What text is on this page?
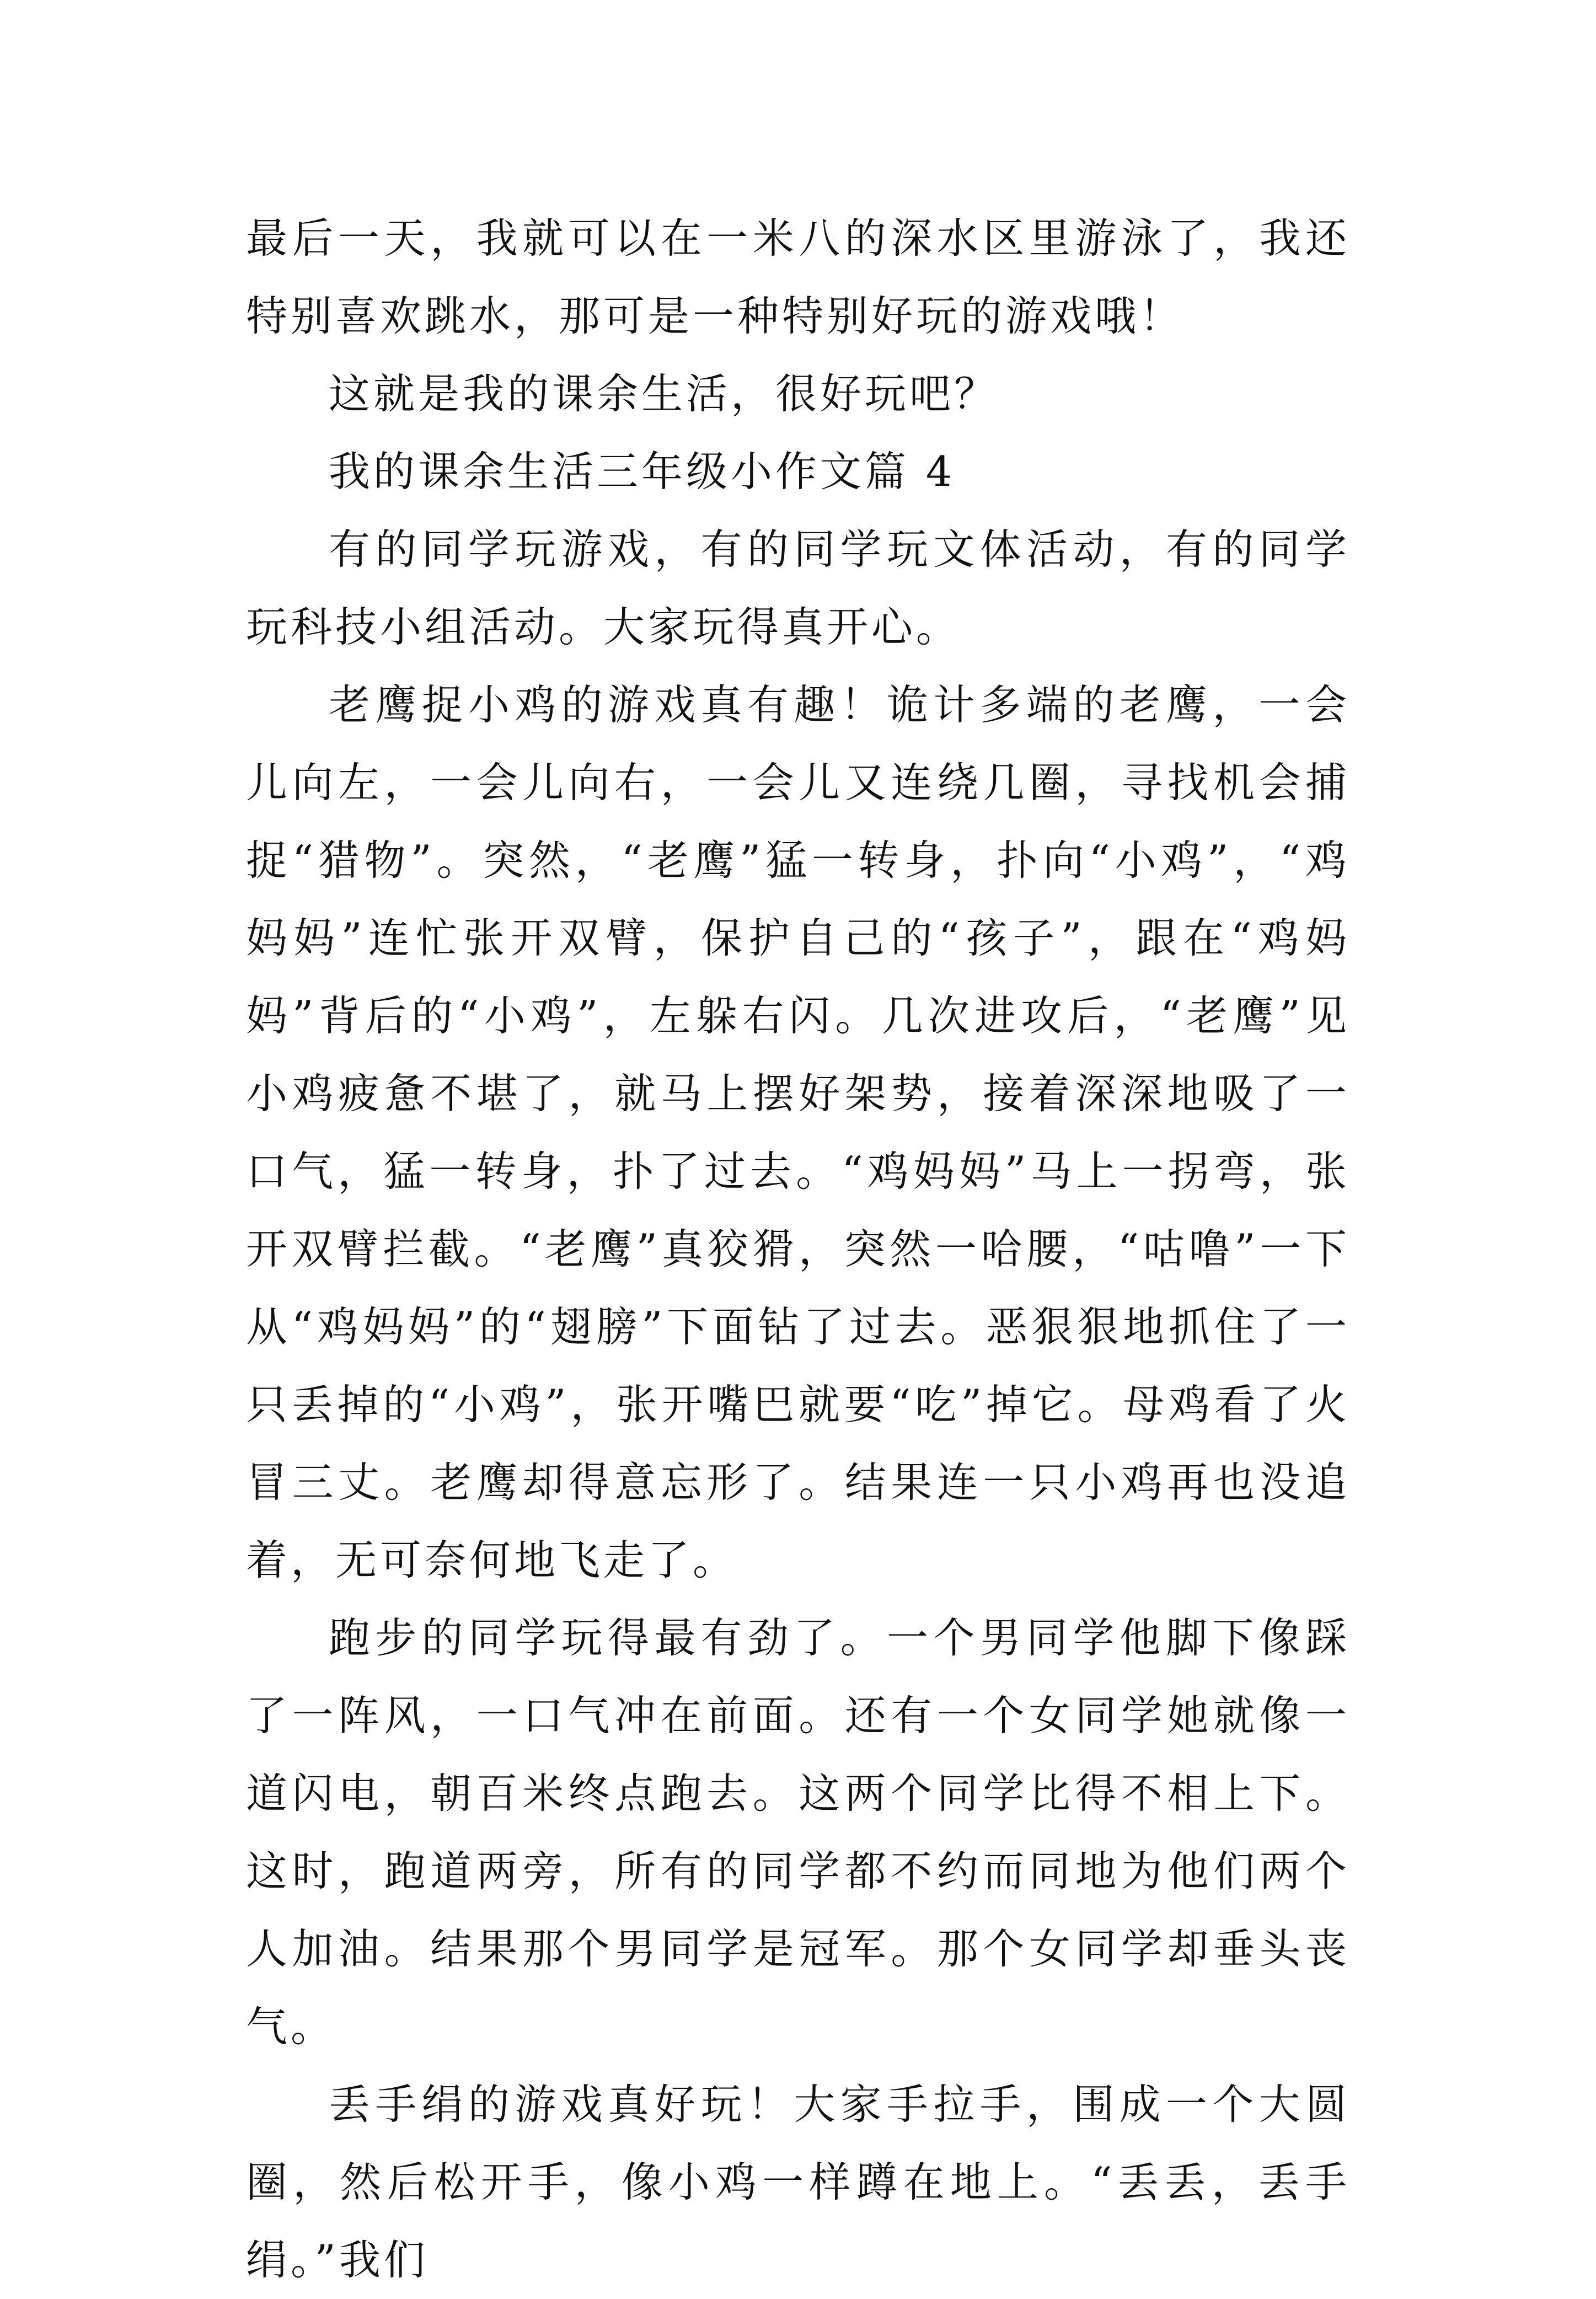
最后一天，我就可以在一米八的深水区里游泳了，我还特别喜欢跳水，那可是一种特别好玩的游戏哦！

这就是我的课余生活，很好玩吧？

我的课余生活三年级小作文篇 4

有的同学玩游戏，有的同学玩文体活动，有的同学玩科技小组活动。大家玩得真开心。

老鹰捉小鸡的游戏真有趣！诡计多端的老鹰，一会儿向左，一会儿向右，一会儿又连绕几圈，寻找机会捕捉“猎物”。突然，“老鹰”猛一转身，扑向“小鸡”，“鸡妈妈”连忙张开双臂，保护自己的“孩子”，跟在“鸡妈妈”背后的“小鸡”，左躲右闪。几次进攻后，“老鹰”见小鸡疲惫不堪了，就马上摆好架势，接着深深地吸了一口气，猛一转身，扑了过去。“鸡妈妈”马上一拐弯，张开双臂拦截。“老鹰”真狡猾，突然一哈腰，“咕噜”一下从“鸡妈妈”的“翅膀”下面钻了过去。恶狠狠地抓住了一只丢掉的“小鸡”，张开嘴巴就要“吃”掉它。母鸡看了火冒三丈。老鹰却得意忘形了。结果连一只小鸡再也没追着，无可奈何地飞走了。

跑步的同学玩得最有劲了。一个男同学他脚下像踩了一阵风，一口气冲在前面。还有一个女同学她就像一道闪电，朝百米终点跑去。这两个同学比得不相上下。这时，跑道两旁，所有的同学都不约而同地为他们两个人加油。结果那个男同学是冠军。那个女同学却垂头丧气。

丢手绢的游戏真好玩！大家手拉手，围成一个大圆圈，然后松开手，像小鸡一样蹲在地上。“丢丢，丢手绢。”我们
